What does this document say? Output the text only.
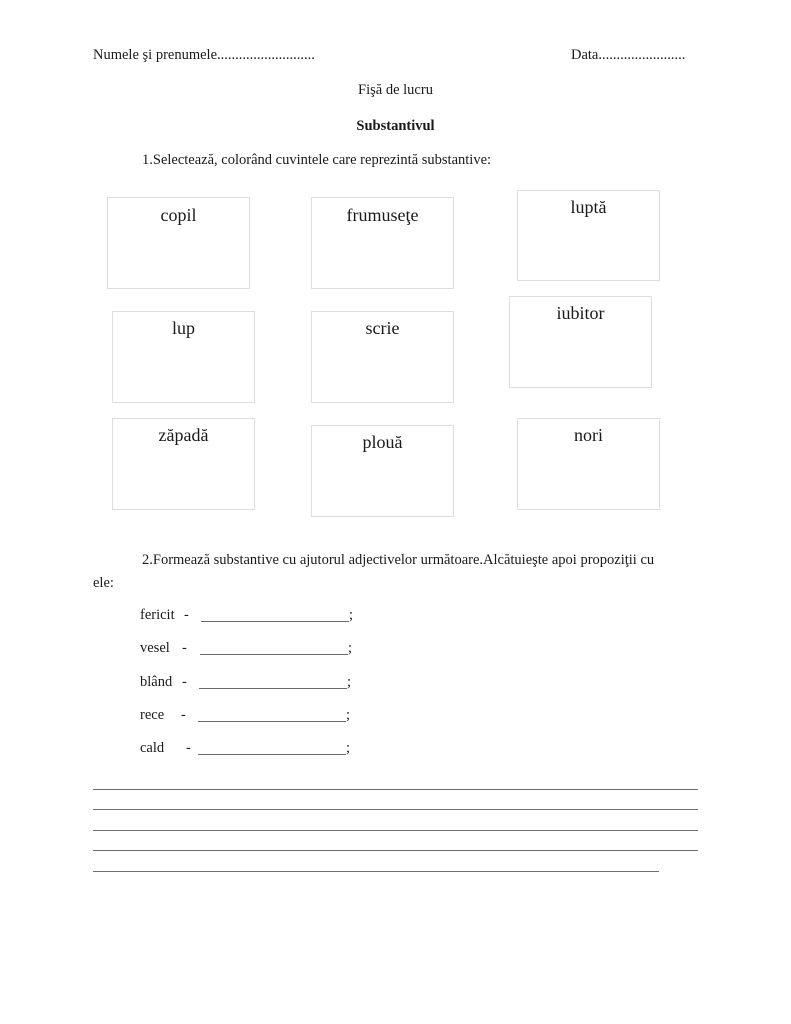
Numele şi prenumele...........................	Data........................
Fişă de lucru
Substantivul
1.Selectează, colorând cuvintele care reprezintă substantive:
copil	frumuseţe	luptă
lup	scrie
iubitor
zăpadă	plouă	nori
2.Formează substantive cu ajutorul adjectivelor următoare.Alcătuieşte apoi propoziţii cu
ele:
fericit -	;
vesel -	;
blând -	;
rece -	;
cald -	;
